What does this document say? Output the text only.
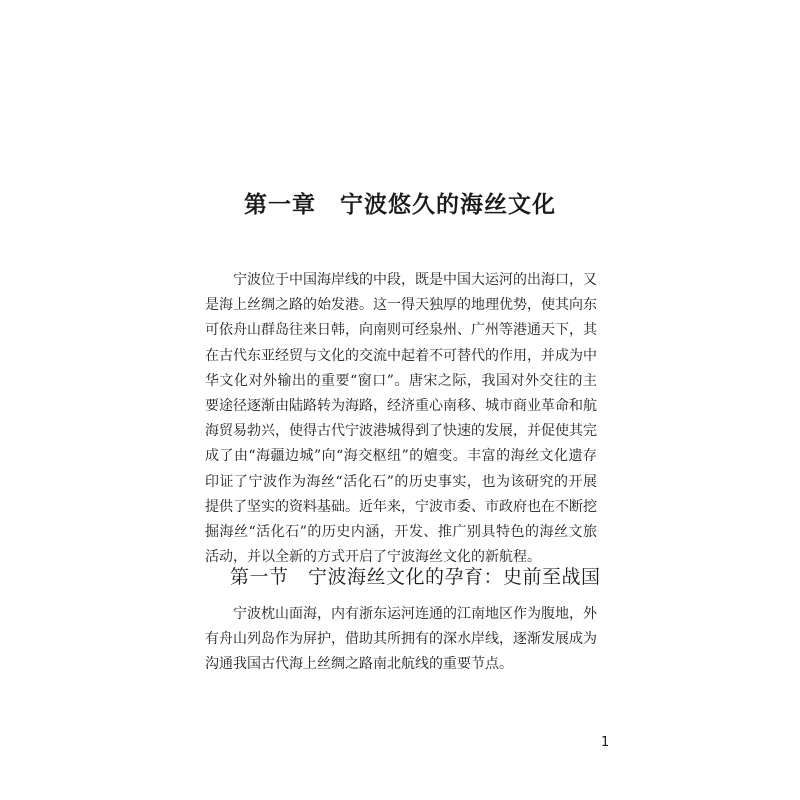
第一章　宁波悠久的海丝文化

宁波位于中国海岸线的中段，既是中国大运河的出海口，又是海上丝绸之路的始发港。这一得天独厚的地理优势，使其向东可依舟山群岛往来日韩，向南则可经泉州、广州等港通天下，其在古代东亚经贸与文化的交流中起着不可替代的作用，并成为中华文化对外输出的重要“窗口”。唐宋之际，我国对外交往的主要途径逐渐由陆路转为海路，经济重心南移、城市商业革命和航海贸易勃兴，使得古代宁波港城得到了快速的发展，并促使其完成了由“海疆边城”向“海交枢纽”的嬗变。丰富的海丝文化遗存印证了宁波作为海丝“活化石”的历史事实，也为该研究的开展提供了坚实的资料基础。近年来，宁波市委、市政府也在不断挖掘海丝“活化石”的历史内涵，开发、推广别具特色的海丝文旅活动，并以全新的方式开启了宁波海丝文化的新航程。

第一节　宁波海丝文化的孕育：史前至战国

宁波枕山面海，内有浙东运河连通的江南地区作为腹地，外有舟山列岛作为屏护，借助其所拥有的深水岸线，逐渐发展成为沟通我国古代海上丝绸之路南北航线的重要节点。

1
